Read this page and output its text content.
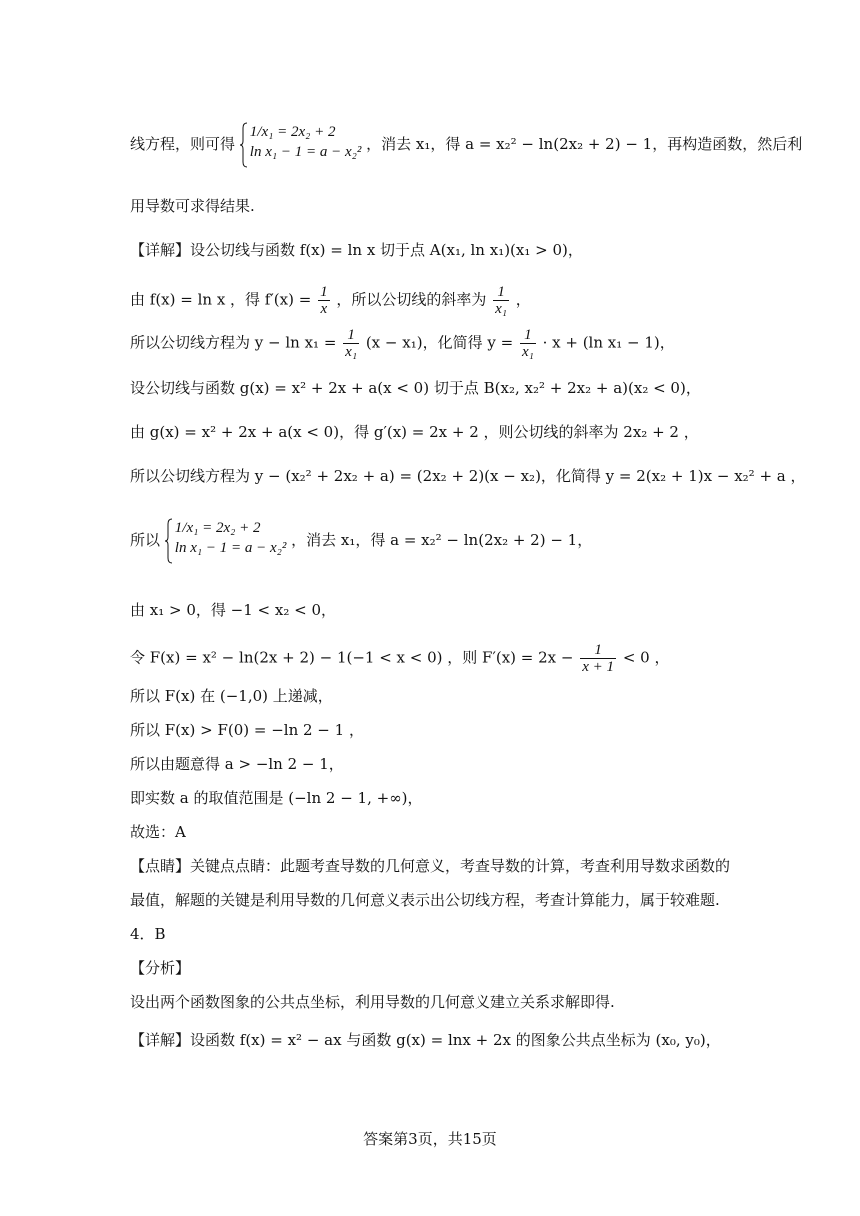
线方程，则可得
1/x₁ = 2x₂ + 2
ln x₁ − 1 = a − x₂² ，消去 x₁，得 a = x₂² − ln(2x₂ + 2) − 1，再构造函数，然后利
用导数可求得结果.
【详解】设公切线与函数 f(x) = ln x 切于点 A(x₁, ln x₁)(x₁ > 0)，
由 f(x) = ln x ，得 $f'(x) = \frac{1}{x}$ ，所以公切线的斜率为 $\frac{1}{\text{x₁}}$ ，
所以公切线方程为 $y - \ln x_1 = \frac{1}{\text{x₁}} (x - x_1)$，化简得 $y = \frac{1}{\text{x₁}} \cdot x + (\ln$ x₁ − 1)，
设公切线与函数 g(x) = x² + 2x + a(x < 0) 切于点 B(x₂, x₂² + 2x₂ + a)(x₂ < 0)，
由 g(x) = x² + 2x + a(x < 0)，得 g′(x) = 2x + 2 ，则公切线的斜率为 2x₂ + 2 ，
所以公切线方程为 y − (x₂² + 2x₂ + a) = (2x₂ + 2)(x − x₂)，化简得 y = 2(x₂ + 1)x − x₂² + a ，
所以
1/x₁ = 2x₂ + 2
ln x₁ − 1 = a − x₂² ，消去 x₁，得 a = x₂² − ln(2x₂ + 2) − 1，
由 x₁ > 0，得 −1 < x₂ < 0，
令 F(x) = x² − ln(2x + 2) − 1(−1 < x < 0) ，则 $F'(x) = 2x - \frac{1}{x + 1} < 0$ ，
所以 F(x) 在 (−1,0) 上递减，
所以 F(x) > F(0) = −ln 2 − 1 ，
所以由题意得 a > −ln 2 − 1，
即实数 a 的取值范围是 (−ln 2 − 1, +∞)，
故选：A
【点睛】关键点点睛：此题考查导数的几何意义，考查导数的计算，考查利用导数求函数的
最值，解题的关键是利用导数的几何意义表示出公切线方程，考查计算能力，属于较难题.
4．B
【分析】
设出两个函数图象的公共点坐标，利用导数的几何意义建立关系求解即得.
【详解】设函数 f(x) = x² − ax 与函数 g(x) = lnx + 2x 的图象公共点坐标为 (x₀, y₀)，
答案第3页，共15页
